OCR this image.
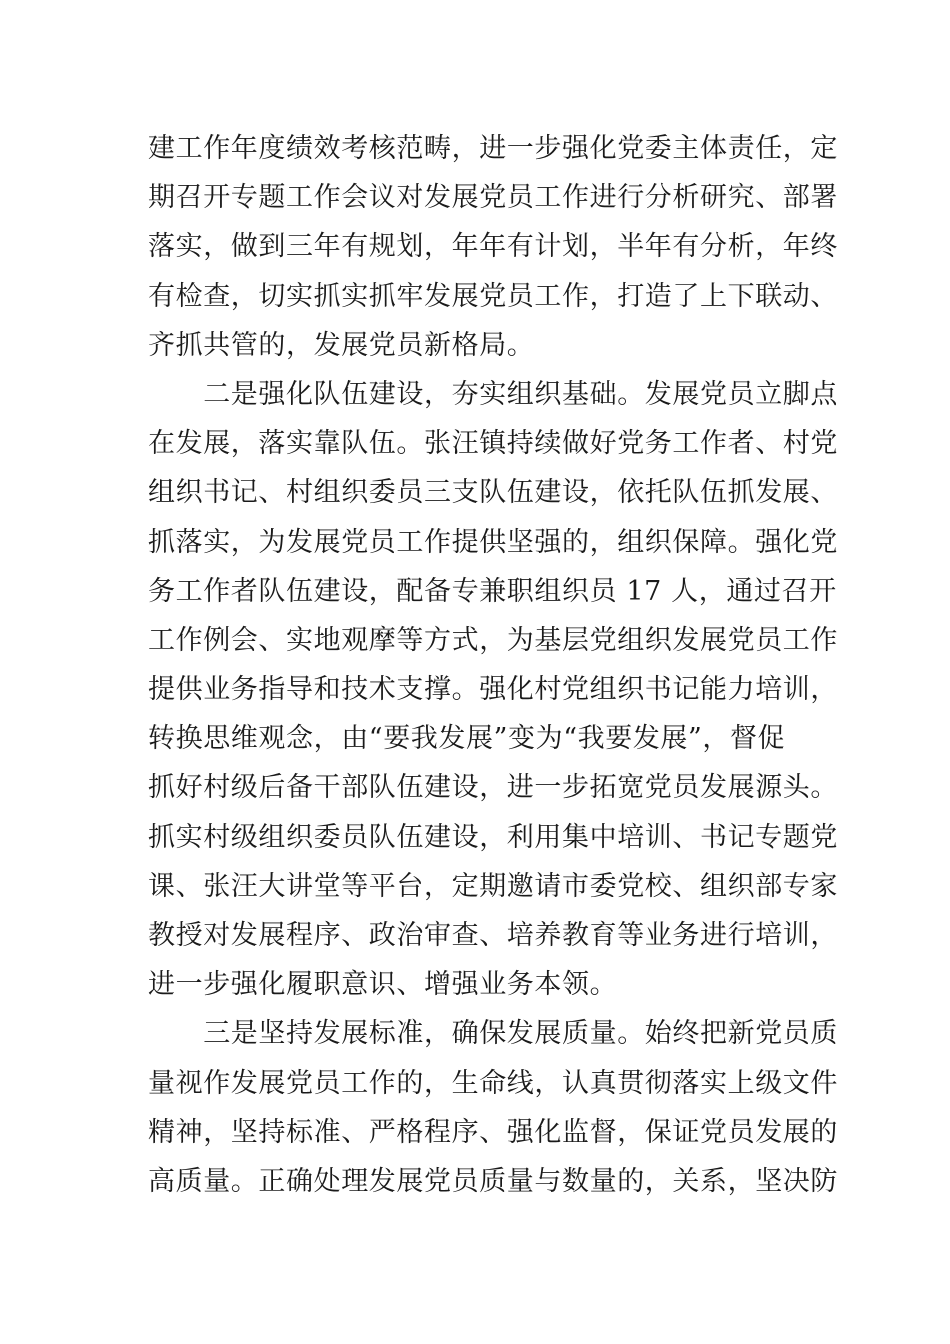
建工作年度绩效考核范畴，进一步强化党委主体责任，定
期召开专题工作会议对发展党员工作进行分析研究、部署
落实，做到三年有规划，年年有计划，半年有分析，年终
有检查，切实抓实抓牢发展党员工作，打造了上下联动、
齐抓共管的，发展党员新格局。
　　二是强化队伍建设，夯实组织基础。发展党员立脚点
在发展，落实靠队伍。张汪镇持续做好党务工作者、村党
组织书记、村组织委员三支队伍建设，依托队伍抓发展、
抓落实，为发展党员工作提供坚强的，组织保障。强化党
务工作者队伍建设，配备专兼职组织员 17 人，通过召开
工作例会、实地观摩等方式，为基层党组织发展党员工作
提供业务指导和技术支撑。强化村党组织书记能力培训，
转换思维观念，由“要我发展”变为“我要发展”，督促
抓好村级后备干部队伍建设，进一步拓宽党员发展源头。
抓实村级组织委员队伍建设，利用集中培训、书记专题党
课、张汪大讲堂等平台，定期邀请市委党校、组织部专家
教授对发展程序、政治审查、培养教育等业务进行培训，
进一步强化履职意识、增强业务本领。
　　三是坚持发展标准，确保发展质量。始终把新党员质
量视作发展党员工作的，生命线，认真贯彻落实上级文件
精神，坚持标准、严格程序、强化监督，保证党员发展的
高质量。正确处理发展党员质量与数量的，关系，坚决防
